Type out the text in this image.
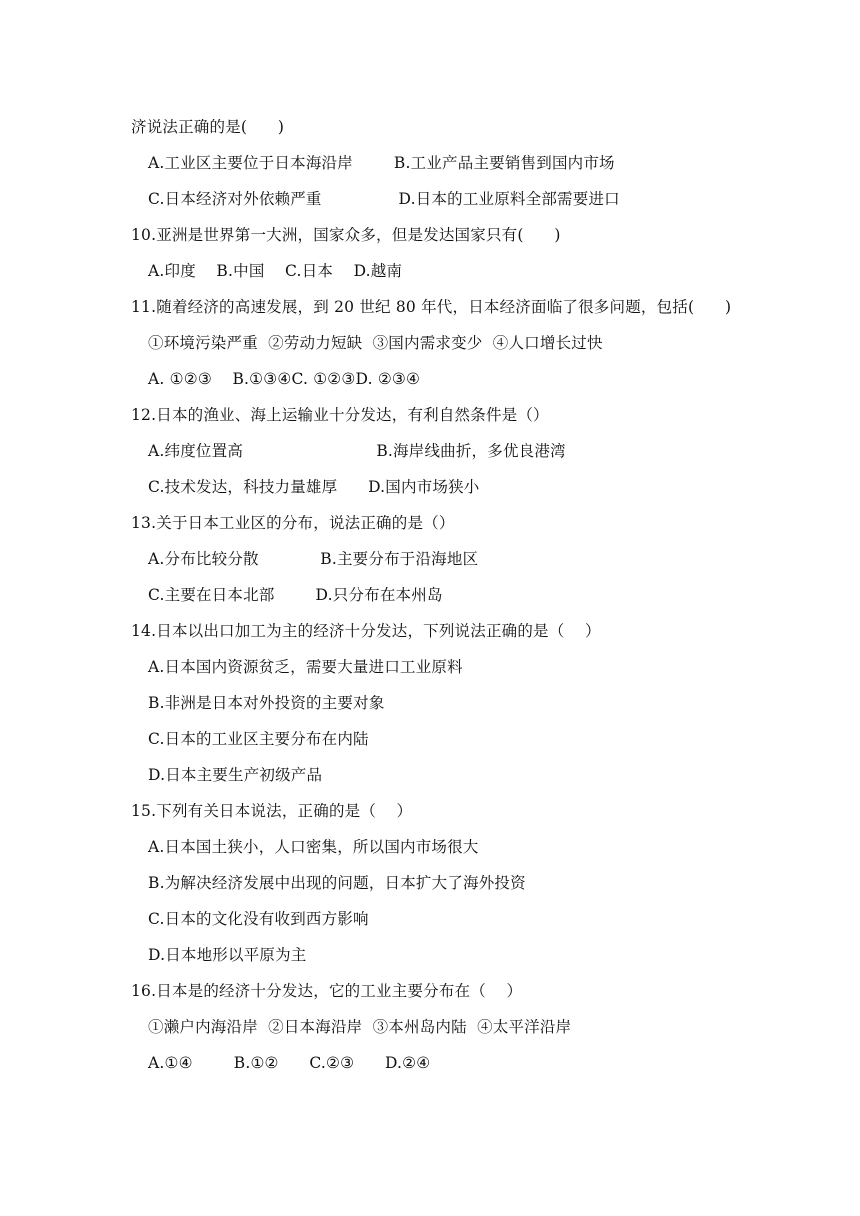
济说法正确的是(      )
A.工业区主要位于日本海沿岸        B.工业产品主要销售到国内市场
C.日本经济对外依赖严重               D.日本的工业原料全部需要进口
10.亚洲是世界第一大洲，国家众多，但是发达国家只有(      )
A.印度    B.中国    C.日本    D.越南
11.随着经济的高速发展，到 20 世纪 80 年代，日本经济面临了很多问题，包括(      )
①环境污染严重  ②劳动力短缺  ③国内需求变少  ④人口增长过快
A. ①②③    B.①③④C. ①②③D. ②③④
12.日本的渔业、海上运输业十分发达，有利自然条件是（）
A.纬度位置高                          B.海岸线曲折，多优良港湾
C.技术发达，科技力量雄厚      D.国内市场狭小
13.关于日本工业区的分布，说法正确的是（）
A.分布比较分散            B.主要分布于沿海地区
C.主要在日本北部        D.只分布在本州岛
14.日本以出口加工为主的经济十分发达，下列说法正确的是（    ）
A.日本国内资源贫乏，需要大量进口工业原料
B.非洲是日本对外投资的主要对象
C.日本的工业区主要分布在内陆
D.日本主要生产初级产品
15.下列有关日本说法，正确的是（    ）
A.日本国土狭小，人口密集，所以国内市场很大
B.为解决经济发展中出现的问题，日本扩大了海外投资
C.日本的文化没有收到西方影响
D.日本地形以平原为主
16.日本是的经济十分发达，它的工业主要分布在（    ）
①濑户内海沿岸  ②日本海沿岸  ③本州岛内陆  ④太平洋沿岸
A.①④        B.①②      C.②③      D.②④
